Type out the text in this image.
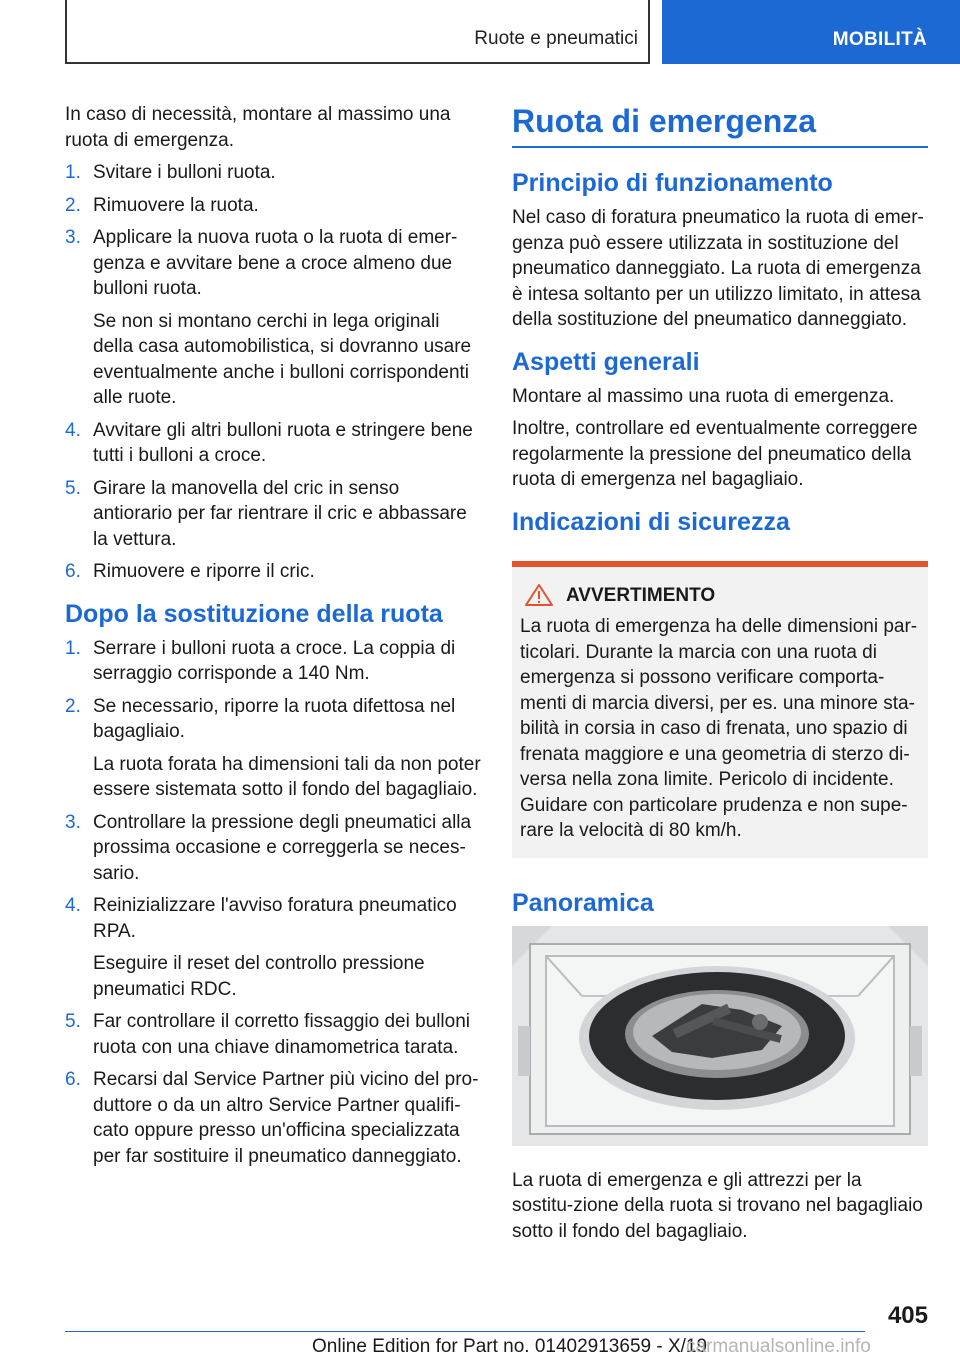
Ruote e pneumatici	MOBILITÀ

In caso di necessità, montare al massimo una ruota di emergenza.

1. Svitare i bulloni ruota.
2. Rimuovere la ruota.
3. Applicare la nuova ruota o la ruota di emer‐genza e avvitare bene a croce almeno due bulloni ruota.

Se non si montano cerchi in lega originali della casa automobilistica, si dovranno usare eventualmente anche i bulloni corrispondenti alle ruote.

4. Avvitare gli altri bulloni ruota e stringere bene tutti i bulloni a croce.
5. Girare la manovella del cric in senso antiorario per far rientrare il cric e abbassare la vettura.
6. Rimuovere e riporre il cric.
Dopo la sostituzione della ruota
1. Serrare i bulloni ruota a croce. La coppia di serraggio corrisponde a 140 Nm.
2. Se necessario, riporre la ruota difettosa nel bagagliaio.

La ruota forata ha dimensioni tali da non poter essere sistemata sotto il fondo del bagagliaio.

3. Controllare la pressione degli pneumatici alla prossima occasione e correggerla se neces‐sario.
4. Reinizializzare l'avviso foratura pneumatico RPA.

Eseguire il reset del controllo pressione pneumatici RDC.

5. Far controllare il corretto fissaggio dei bulloni ruota con una chiave dinamometrica tarata.
6. Recarsi dal Service Partner più vicino del pro‐duttore o da un altro Service Partner qualifi‐cato oppure presso un'officina specializzata per far sostituire il pneumatico danneggiato.
Ruota di emergenza
Principio di funzionamento

Nel caso di foratura pneumatico la ruota di emer‐genza può essere utilizzata in sostituzione del pneumatico danneggiato. La ruota di emergenza è intesa soltanto per un utilizzo limitato, in attesa della sostituzione del pneumatico danneggiato.

Aspetti generali

Montare al massimo una ruota di emergenza.

Inoltre, controllare ed eventualmente correggere regolarmente la pressione del pneumatico della ruota di emergenza nel bagagliaio.

Indicazioni di sicurezza
AVVERTIMENTO

La ruota di emergenza ha delle dimensioni par‐ticolari. Durante la marcia con una ruota di emergenza si possono verificare comporta‐menti di marcia diversi, per es. una minore sta‐bilità in corsia in caso di frenata, uno spazio di frenata maggiore e una geometria di sterzo di‐versa nella zona limite. Pericolo di incidente. Guidare con particolare prudenza e non supe‐rare la velocità di 80 km/h.

Panoramica

La ruota di emergenza e gli attrezzi per la sostitu‐zione della ruota si trovano nel bagagliaio sotto il fondo del bagagliaio.

405
Online Edition for Part no. 01402913659 - X/19
carmanualsonline.info
